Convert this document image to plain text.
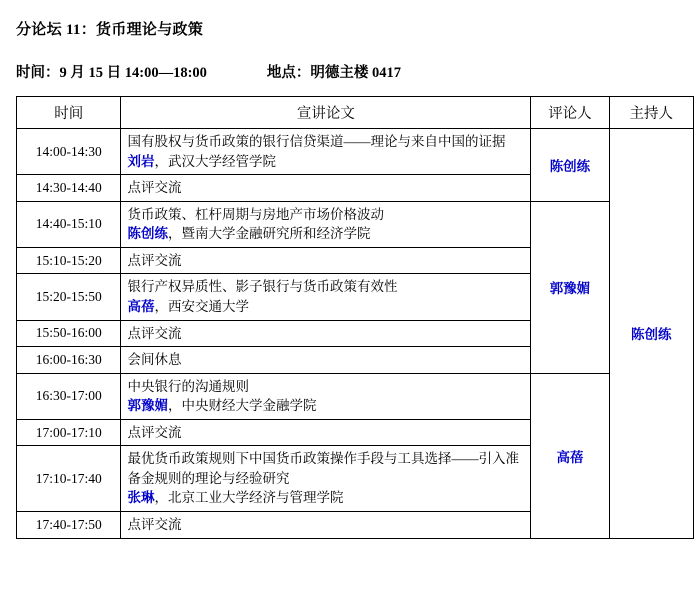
分论坛 11：货币理论与政策
时间：9 月 15 日 14:00—18:00	地点：明德主楼 0417
时间	宣讲论文	评论人	主持人
14:00-14:30	国有股权与货币政策的银行信贷渠道——理论与来自中国的证据
刘岩，武汉大学经管学院	陈创练	陈创练
14:30-14:40	点评交流		
14:40-15:10	货币政策、杠杆周期与房地产市场价格波动
陈创练，暨南大学金融研究所和经济学院	郭豫媚	
15:10-15:20	点评交流		
15:20-15:50	银行产权异质性、影子银行与货币政策有效性
高蓓，西安交通大学		

15:50-16:00	点评交流		
16:00-16:30	会间休息		
16:30-17:00	中央银行的沟通规则
郭豫媚，中央财经大学金融学院	高蓓	
17:00-17:10	点评交流		
17:10-17:40	最优货币政策规则下中国货币政策操作手段与工具选择——引入准备金规则的理论与经验研究
张琳，北京工业大学经济与管理学院		

17:40-17:50	点评交流		
